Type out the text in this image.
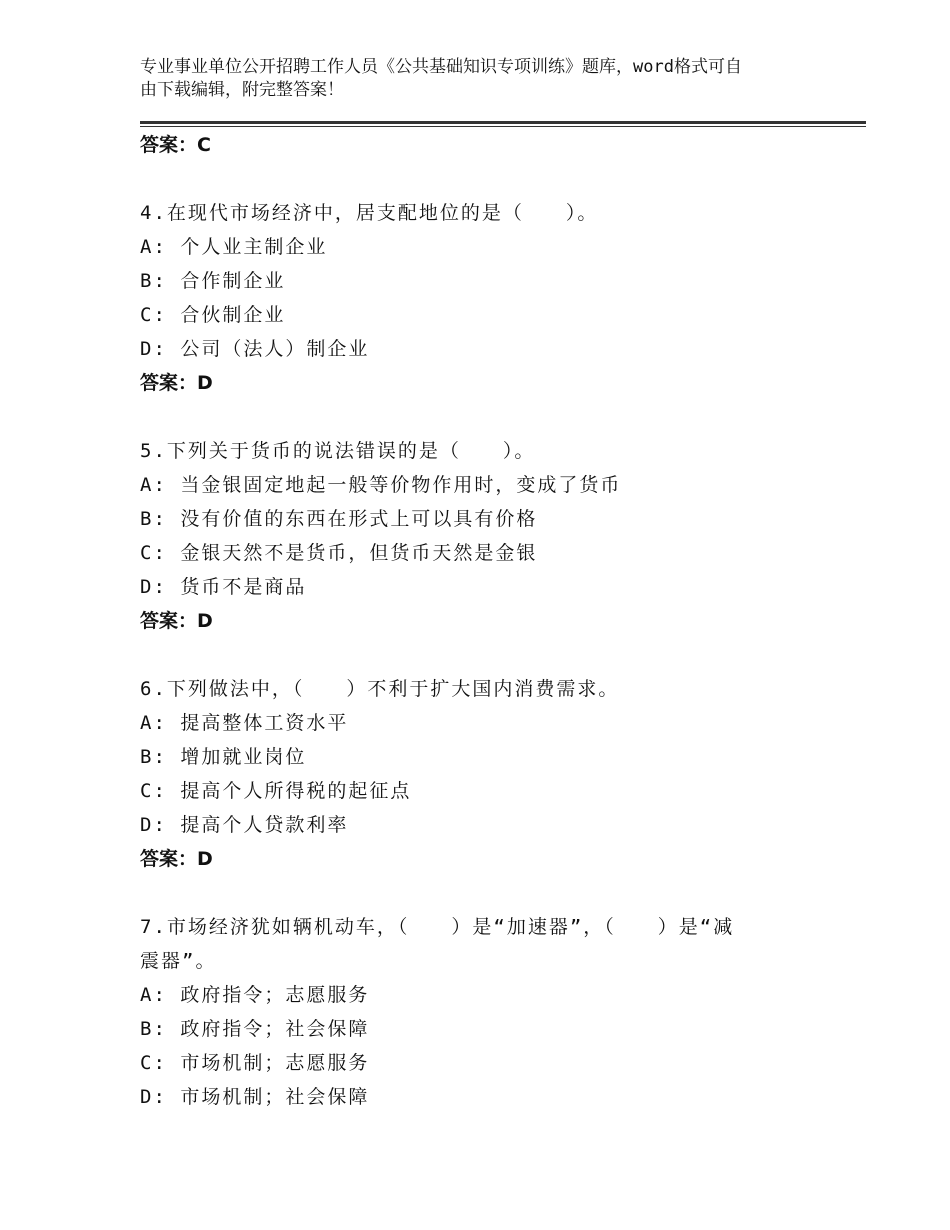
专业事业单位公开招聘工作人员《公共基础知识专项训练》题库，word格式可自
由下载编辑，附完整答案！
答案：C
4.在现代市场经济中，居支配地位的是（　　）。
A: 个人业主制企业
B: 合作制企业
C: 合伙制企业
D: 公司（法人）制企业
答案：D
5.下列关于货币的说法错误的是（　　）。
A: 当金银固定地起一般等价物作用时，变成了货币
B: 没有价值的东西在形式上可以具有价格
C: 金银天然不是货币，但货币天然是金银
D: 货币不是商品
答案：D
6.下列做法中，（　　）不利于扩大国内消费需求。
A: 提高整体工资水平
B: 增加就业岗位
C: 提高个人所得税的起征点
D: 提高个人贷款利率
答案：D
7.市场经济犹如辆机动车，（　　）是“加速器”，（　　）是“减
震器”。
A: 政府指令；志愿服务
B: 政府指令；社会保障
C: 市场机制；志愿服务
D: 市场机制；社会保障
